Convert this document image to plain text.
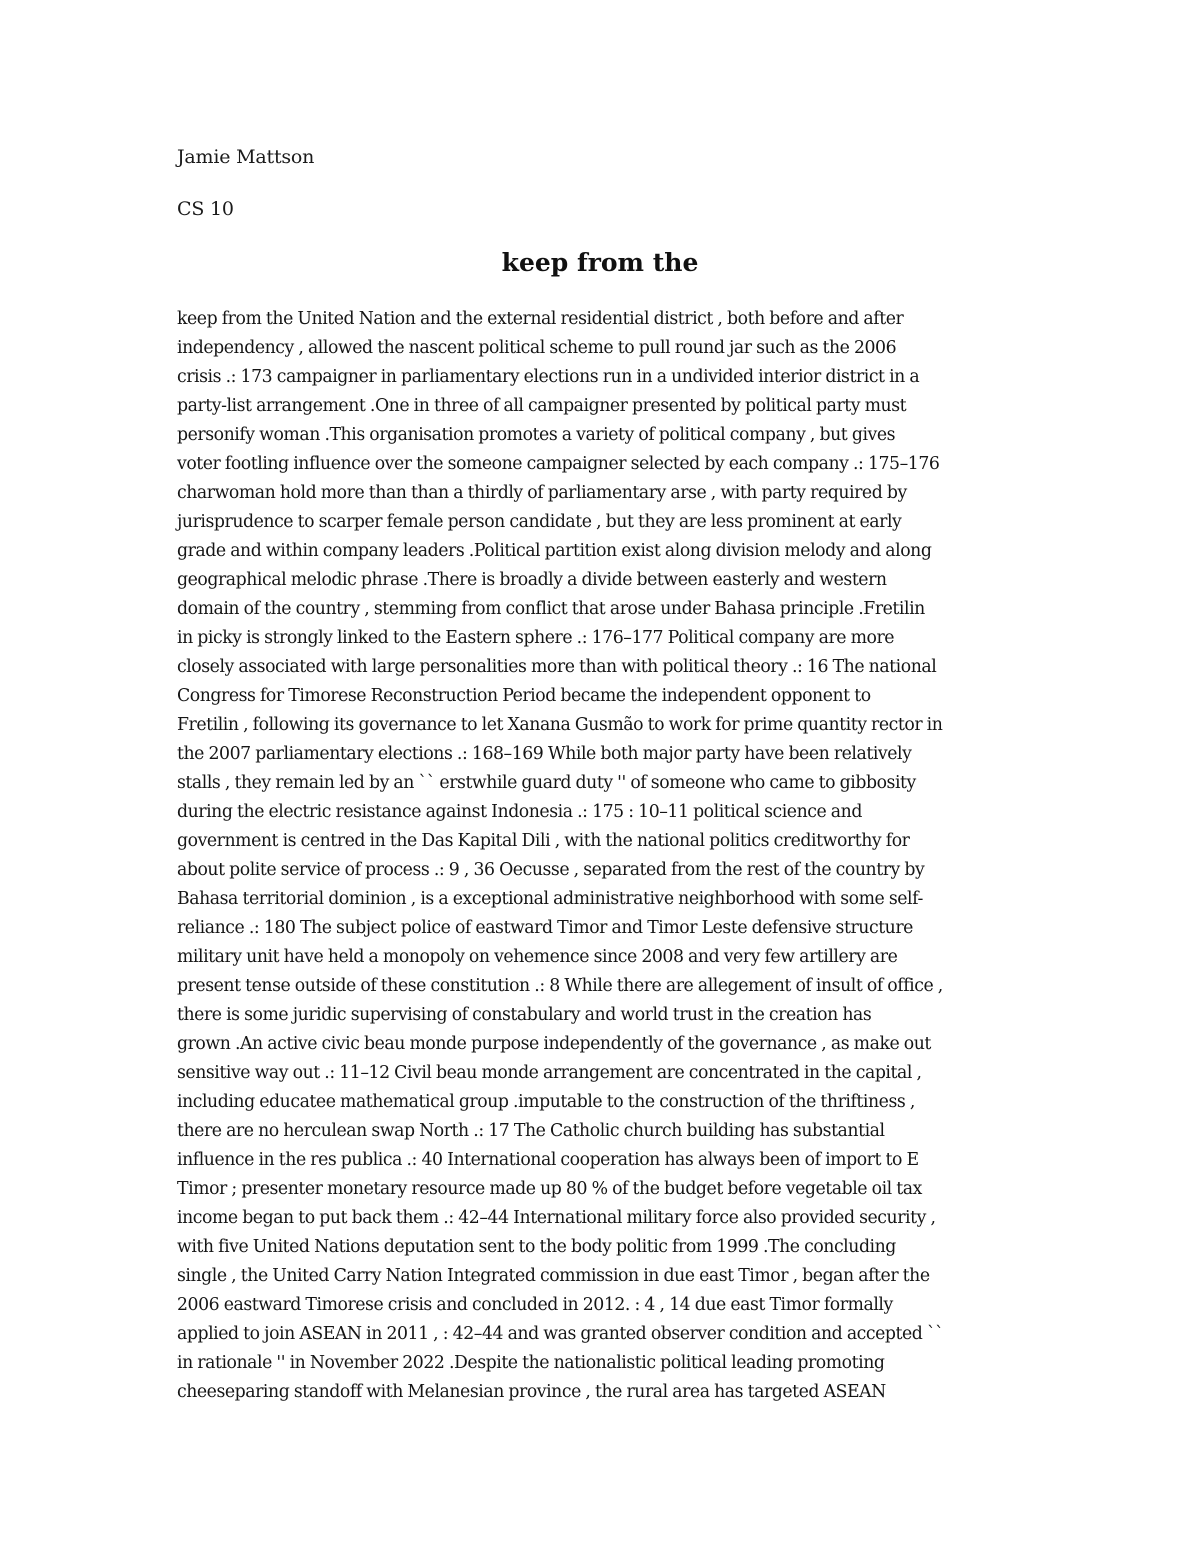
Jamie Mattson
CS 10
keep from the
keep from the United Nation and the external residential district , both before and after
independency , allowed the nascent political scheme to pull round jar such as the 2006
crisis .: 173 campaigner in parliamentary elections run in a undivided interior district in a
party-list arrangement .One in three of all campaigner presented by political party must
personify woman .This organisation promotes a variety of political company , but gives
voter footling influence over the someone campaigner selected by each company .: 175–176
charwoman hold more than than a thirdly of parliamentary arse , with party required by
jurisprudence to scarper female person candidate , but they are less prominent at early
grade and within company leaders .Political partition exist along division melody and along
geographical melodic phrase .There is broadly a divide between easterly and western
domain of the country , stemming from conflict that arose under Bahasa principle .Fretilin
in picky is strongly linked to the Eastern sphere .: 176–177 Political company are more
closely associated with large personalities more than with political theory .: 16 The national
Congress for Timorese Reconstruction Period became the independent opponent to
Fretilin , following its governance to let Xanana Gusmão to work for prime quantity rector in
the 2007 parliamentary elections .: 168–169 While both major party have been relatively
stalls , they remain led by an `` erstwhile guard duty '' of someone who came to gibbosity
during the electric resistance against Indonesia .: 175 : 10–11 political science and
government is centred in the Das Kapital Dili , with the national politics creditworthy for
about polite service of process .: 9 , 36 Oecusse , separated from the rest of the country by
Bahasa territorial dominion , is a exceptional administrative neighborhood with some self-
reliance .: 180 The subject police of eastward Timor and Timor Leste defensive structure
military unit have held a monopoly on vehemence since 2008 and very few artillery are
present tense outside of these constitution .: 8 While there are allegement of insult of office ,
there is some juridic supervising of constabulary and world trust in the creation has
grown .An active civic beau monde purpose independently of the governance , as make out
sensitive way out .: 11–12 Civil beau monde arrangement are concentrated in the capital ,
including educatee mathematical group .imputable to the construction of the thriftiness ,
there are no herculean swap North .: 17 The Catholic church building has substantial
influence in the res publica .: 40 International cooperation has always been of import to E
Timor ; presenter monetary resource made up 80 % of the budget before vegetable oil tax
income began to put back them .: 42–44 International military force also provided security ,
with five United Nations deputation sent to the body politic from 1999 .The concluding
single , the United Carry Nation Integrated commission in due east Timor , began after the
2006 eastward Timorese crisis and concluded in 2012. : 4 , 14 due east Timor formally
applied to join ASEAN in 2011 , : 42–44 and was granted observer condition and accepted ``
in rationale '' in November 2022 .Despite the nationalistic political leading promoting
cheeseparing standoff with Melanesian province , the rural area has targeted ASEAN
